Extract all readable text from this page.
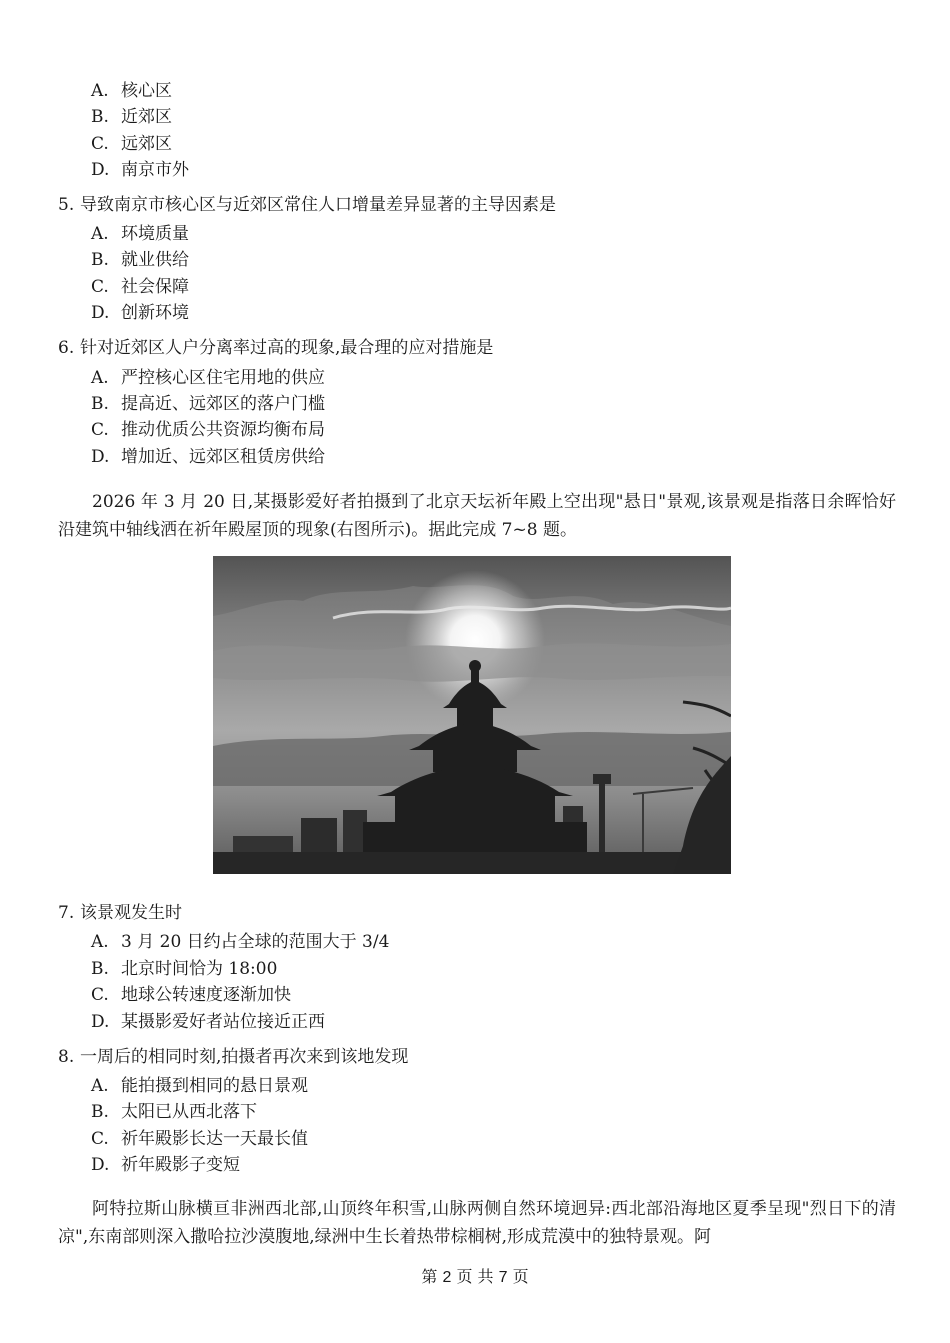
A. 核心区
B. 近郊区
C. 远郊区
D. 南京市外
5. 导致南京市核心区与近郊区常住人口增量差异显著的主导因素是
A. 环境质量
B. 就业供给
C. 社会保障
D. 创新环境
6. 针对近郊区人户分离率过高的现象,最合理的应对措施是
A. 严控核心区住宅用地的供应
B. 提高近、远郊区的落户门槛
C. 推动优质公共资源均衡布局
D. 增加近、远郊区租赁房供给
2026 年 3 月 20 日,某摄影爱好者拍摄到了北京天坛祈年殿上空出现"悬日"景观,该景观是指落日余晖恰好沿建筑中轴线洒在祈年殿屋顶的现象(右图所示)。据此完成 7~8 题。
7. 该景观发生时
A. 3 月 20 日约占全球的范围大于 3/4
B. 北京时间恰为 18:00
C. 地球公转速度逐渐加快
D. 某摄影爱好者站位接近正西
8. 一周后的相同时刻,拍摄者再次来到该地发现
A. 能拍摄到相同的悬日景观
B. 太阳已从西北落下
C. 祈年殿影长达一天最长值
D. 祈年殿影子变短
阿特拉斯山脉横亘非洲西北部,山顶终年积雪,山脉两侧自然环境迥异:西北部沿海地区夏季呈现"烈日下的清凉",东南部则深入撒哈拉沙漠腹地,绿洲中生长着热带棕榈树,形成荒漠中的独特景观。阿
第 2 页 共 7 页
